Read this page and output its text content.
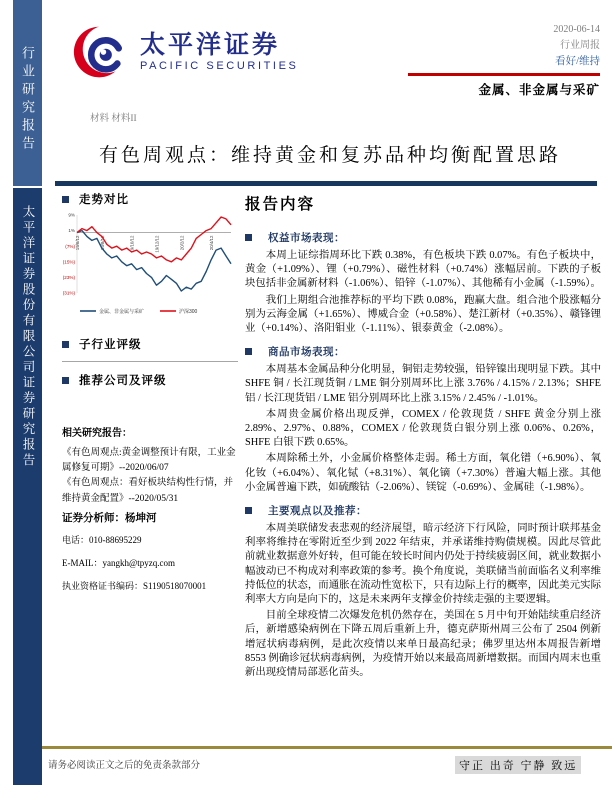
行业研究报告
太平洋证券股份有限公司证券研究报告
太平洋证券
PACIFIC SECURITIES
2020-06-14
行业周报
看好/维持
金属、非金属与采矿
材料 材料II
有色周观点：维持黄金和复苏品种均衡配置思路
走势对比
9%
1%
(7%)
(15%)
(23%)
(31%)
19/6/12	19/8/12	19/10/12	19/12/12	20/2/12	20/4/12
金属、非金属与采矿	沪深300
子行业评级
推荐公司及评级
相关研究报告：
《有色周观点:黄金调整预计有限，工业金属修复可期》--2020/06/07
《有色周观点：看好板块结构性行情，并维持黄金配置》--2020/05/31
证券分析师：杨坤河
电话：010-88695229
E-MAIL：yangkh@tpyzq.com
执业资格证书编码：S1190518070001
报告内容
权益市场表现：

本周上证综指周环比下跌 0.38%，有色板块下跌 0.07%。有色子板块中，黄金（+1.09%）、锂（+0.79%）、磁性材料（+0.74%）涨幅居前。下跌的子板块包括非金属新材料（-1.06%）、铅锌（-1.07%）、其他稀有小金属（-1.59%）。

我们上期组合池推荐标的平均下跌 0.08%，跑赢大盘。组合池个股涨幅分别为云海金属（+1.65%）、博威合金（+0.58%）、楚江新材（+0.35%）、赣锋锂业（+0.14%）、洛阳钼业（-1.11%）、银泰黄金（-2.08%）。

商品市场表现：

本周基本金属品种分化明显，铜铝走势较强，铅锌镍出现明显下跌。其中 SHFE 铜 / 长江现货铜 / LME 铜分别周环比上涨 3.76% / 4.15% / 2.13%；SHFE 铝 / 长江现货铝 / LME 铝分别周环比上涨 3.15% / 2.45% / -1.01%。

本周贵金属价格出现反弹，COMEX / 伦敦现货 / SHFE 黄金分别上涨 2.89%、2.97%、0.88%，COMEX / 伦敦现货白银分别上涨 0.06%、0.26%，SHFE 白银下跌 0.65%。

本周除稀土外，小金属价格整体走弱。稀土方面，氧化镨（+6.90%）、氧化钕（+6.04%）、氧化铽（+8.31%）、氧化镝（+7.30%）普遍大幅上涨。其他小金属普遍下跌，如硫酸钴（-2.06%）、镁锭（-0.69%）、金属硅（-1.98%）。

主要观点以及推荐：

本周美联储发表悲观的经济展望，暗示经济下行风险，同时预计联邦基金利率将维持在零附近至少到 2022 年结束，并承诺维持购债规模。因此尽管此前就业数据意外好转，但可能在较长时间内仍处于持续疲弱区间，就业数据小幅波动已不构成对利率政策的参考。换个角度说，美联储当前面临名义利率维持低位的状态，而通胀在流动性宽松下，只有边际上行的概率，因此美元实际利率大方向是向下的，这是未来两年支撑金价持续走强的主要逻辑。

目前全球疫情二次爆发危机仍然存在，美国在 5 月中旬开始陆续重启经济后，新增感染病例在下降五周后重新上升，德克萨斯州周三公布了 2504 例新增冠状病毒病例，是此次疫情以来单日最高纪录；佛罗里达州本周报告新增 8553 例确诊冠状病毒病例，为疫情开始以来最高周新增数据。而国内周末也重新出现疫情局部恶化苗头。

请务必阅读正文之后的免责条款部分	守正 出奇 宁静 致远
